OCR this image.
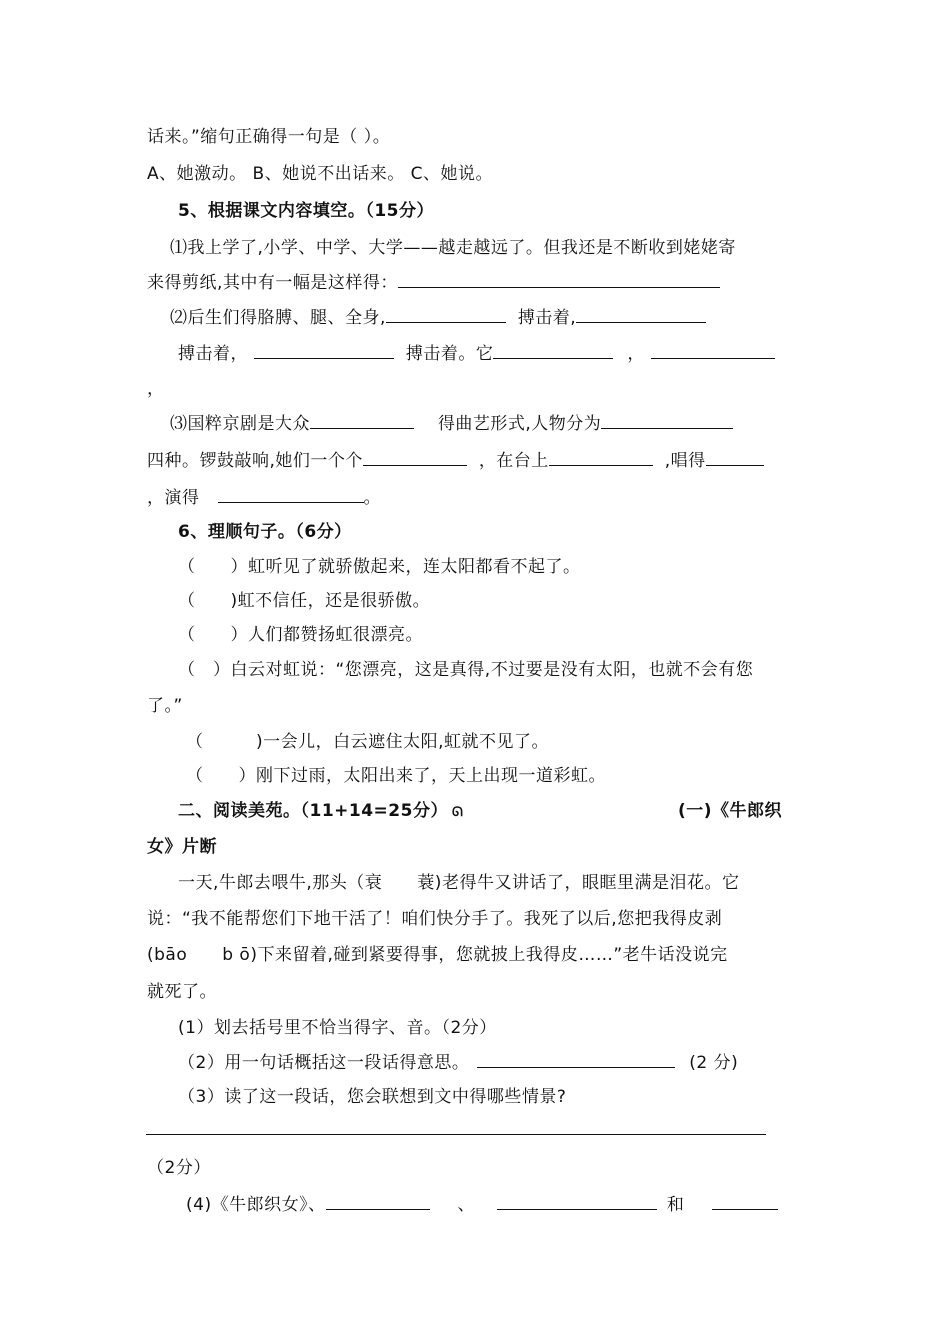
话来。”缩句正确得一句是（ ）。
A、她激动。 B、她说不出话来。 C、她说。
5、根据课文内容填空。（15分）
⑴我上学了,小学、中学、大学——越走越远了。但我还是不断收到姥姥寄
来得剪纸,其中有一幅是这样得：
⑵后生们得胳膊、腿、全身,	搏击着,
搏击着，	搏击着。它	，
，
⑶国粹京剧是大众	得曲艺形式,人物分为
四种。锣鼓敲响,她们一个个	，在台上	,唱得
，演得	。
6、理顺句子。（6分）
（　　）虹听见了就骄傲起来，连太阳都看不起了。
（　　)虹不信任，还是很骄傲。
（　　）人们都赞扬虹很漂亮。
（　）白云对虹说：“您漂亮，这是真得,不过要是没有太阳，也就不会有您
了。”
（　　　)一会儿，白云遮住太阳,虹就不见了。
（　　）刚下过雨，太阳出来了，天上出现一道彩虹。
二、阅读美苑。（11+14=25分） ᘏ	(一)《牛郎织
女》片断
一天,牛郎去喂牛,那头（衰　　蓑)老得牛又讲话了，眼眶里满是泪花。它
说：“我不能帮您们下地干活了！咱们快分手了。我死了以后,您把我得皮剥
(bāo　　b ō)下来留着,碰到紧要得事，您就披上我得皮……”老牛话没说完
就死了。
(1）划去括号里不恰当得字、音。（2分）
（2）用一句话概括这一段话得意思。	(2 分)
（3）读了这一段话，您会联想到文中得哪些情景?
（2分）
(4)《牛郎织女》、	、	和
